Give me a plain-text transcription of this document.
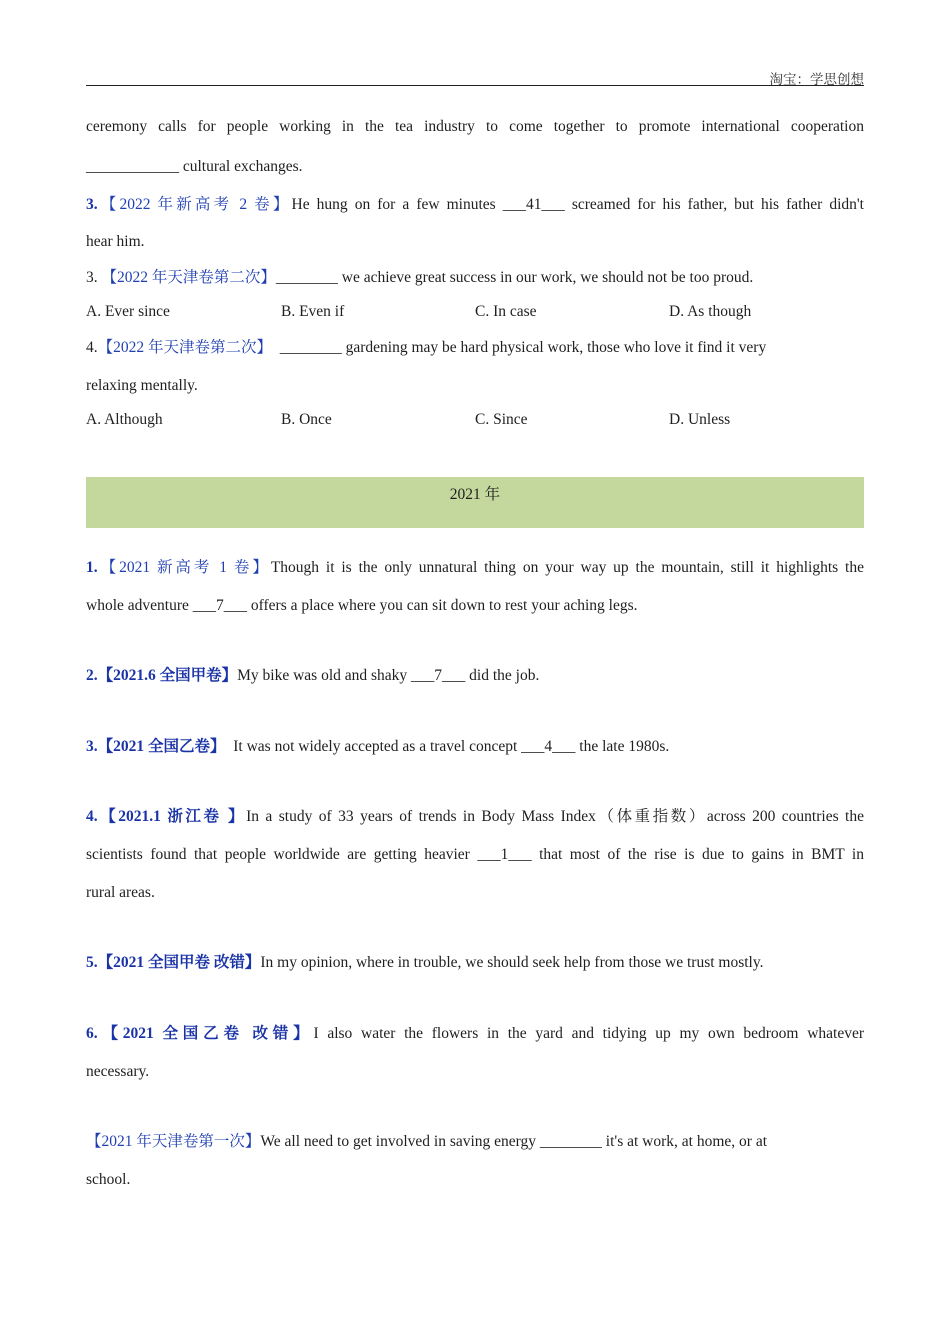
淘宝：学思创想
ceremony calls for people working in the tea industry to come together to promote international cooperation
____________ cultural exchanges.
3.【2022 年新高考 2 卷】He hung on for a few minutes ___41___ screamed for his father, but his father didn't
hear him.
3. 【2022 年天津卷第二次】________ we achieve great success in our work, we should not be too proud.
A. Ever since	B. Even if	C. In case	D. As though
4.【2022 年天津卷第二次】  ________ gardening may be hard physical work, those who love it find it very
relaxing mentally.
A. Although	B. Once	C. Since	D. Unless
2021 年
1.【2021 新高考 1 卷】Though it is the only unnatural thing on your way up the mountain, still it highlights the
whole adventure ___7___ offers a place where you can sit down to rest your aching legs.
2.【2021.6 全国甲卷】My bike was old and shaky ___7___ did the job.
3.【2021 全国乙卷】  It was not widely accepted as a travel concept ___4___ the late 1980s.
4.【2021.1 浙江卷 】In a study of 33 years of trends in Body Mass Index（体重指数）across 200 countries the
scientists found that people worldwide are getting heavier ___1___ that most of the rise is due to gains in BMT in
rural areas.
5.【2021 全国甲卷 改错】In my opinion, where in trouble, we should seek help from those we trust mostly.
6.【2021 全国乙卷 改错】I also water the flowers in the yard and tidying up my own bedroom whatever
necessary.
【2021 年天津卷第一次】We all need to get involved in saving energy ________ it's at work, at home, or at
school.
